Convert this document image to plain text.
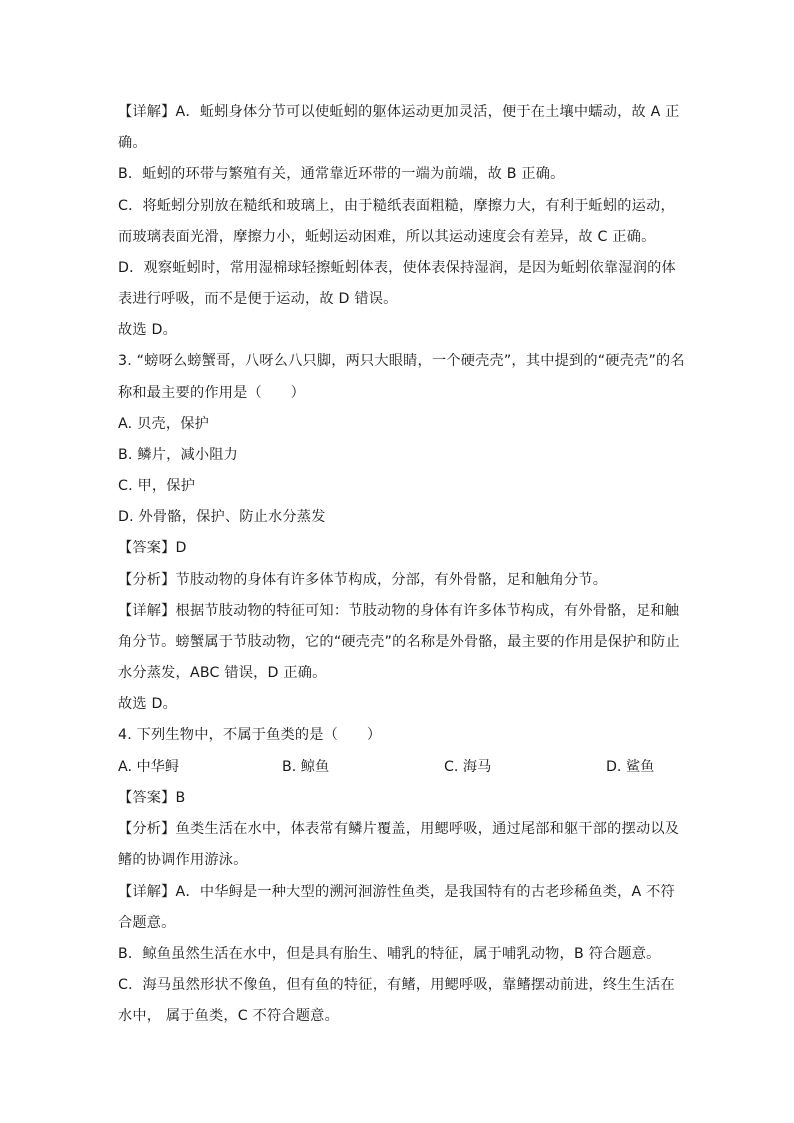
【详解】A．蚯蚓身体分节可以使蚯蚓的躯体运动更加灵活，便于在土壤中蠕动，故 A 正
确。
B．蚯蚓的环带与繁殖有关，通常靠近环带的一端为前端，故 B 正确。
C．将蚯蚓分别放在糙纸和玻璃上，由于糙纸表面粗糙，摩擦力大，有利于蚯蚓的运动，
而玻璃表面光滑，摩擦力小，蚯蚓运动困难，所以其运动速度会有差异，故 C 正确。
D．观察蚯蚓时，常用湿棉球轻擦蚯蚓体表，使体表保持湿润，是因为蚯蚓依靠湿润的体
表进行呼吸，而不是便于运动，故 D 错误。
故选 D。
3. “螃呀么螃蟹哥，八呀么八只脚，两只大眼睛，一个硬壳壳”，其中提到的“硬壳壳”的名
称和最主要的作用是（　　）
A. 贝壳，保护
B. 鳞片，减小阻力
C. 甲，保护
D. 外骨骼，保护、防止水分蒸发
【答案】D
【分析】节肢动物的身体有许多体节构成，分部，有外骨骼，足和触角分节。
【详解】根据节肢动物的特征可知：节肢动物的身体有许多体节构成，有外骨骼，足和触
角分节。螃蟹属于节肢动物，它的“硬壳壳”的名称是外骨骼，最主要的作用是保护和防止
水分蒸发，ABC 错误，D 正确。
故选 D。
4. 下列生物中，不属于鱼类的是（　　）
A. 中华鲟	B. 鲸鱼	C. 海马	D. 鲨鱼
【答案】B
【分析】鱼类生活在水中，体表常有鳞片覆盖，用鳃呼吸，通过尾部和躯干部的摆动以及
鳍的协调作用游泳。
【详解】A．中华鲟是一种大型的溯河洄游性鱼类，是我国特有的古老珍稀鱼类，A 不符
合题意。
B．鲸鱼虽然生活在水中，但是具有胎生、哺乳的特征，属于哺乳动物，B 符合题意。
C．海马虽然形状不像鱼，但有鱼的特征，有鳍，用鳃呼吸，靠鳍摆动前进，终生生活在
水中， 属于鱼类，C 不符合题意。
